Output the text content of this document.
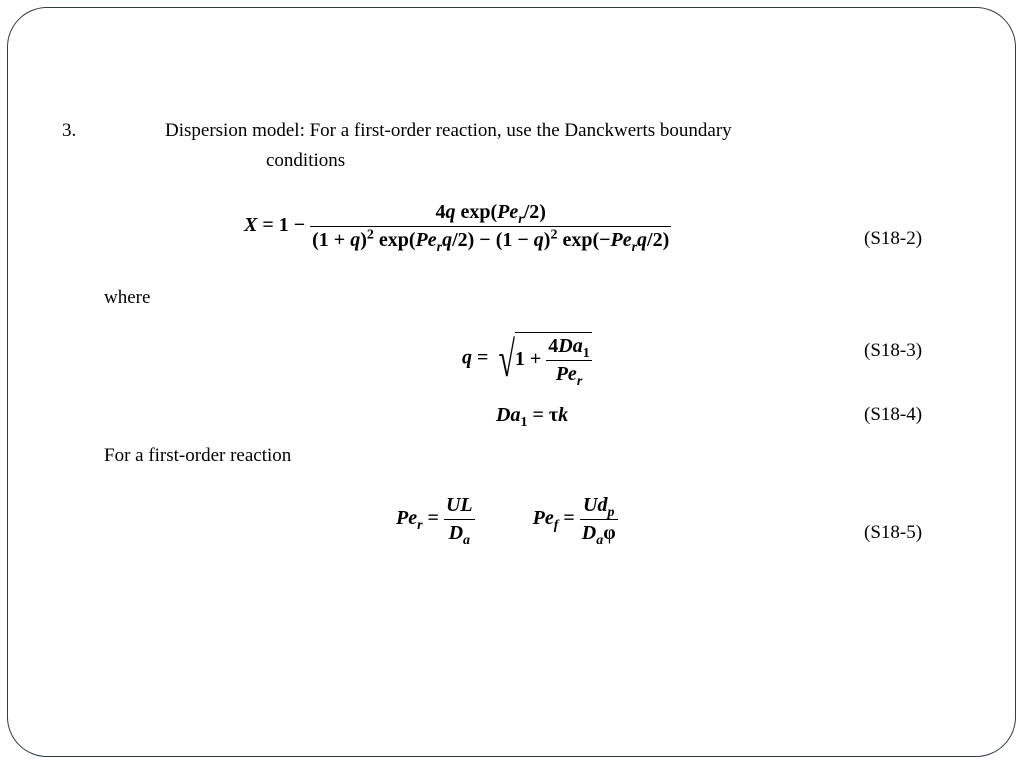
3.	Dispersion model: For a first-order reaction, use the Danckwerts boundary
conditions
$X = 1 - \frac{4q \exp(Pe_r/2)}{(1 + q)^2 \exp(Pe_rq/2) - (1 - q)^2 \exp(-Pe_rq/2)}$	(S18-2)
where
$q = √1 + \frac{4Da_1}{Pe_r}$	(S18-3)
$Da_1 = \tau k$	(S18-4)
For a first-order reaction
$Pe_r = \frac{UL}{D_a}$	$Pe_f = \frac{Ud_p}{D_a\varphi}$	(S18-5)
